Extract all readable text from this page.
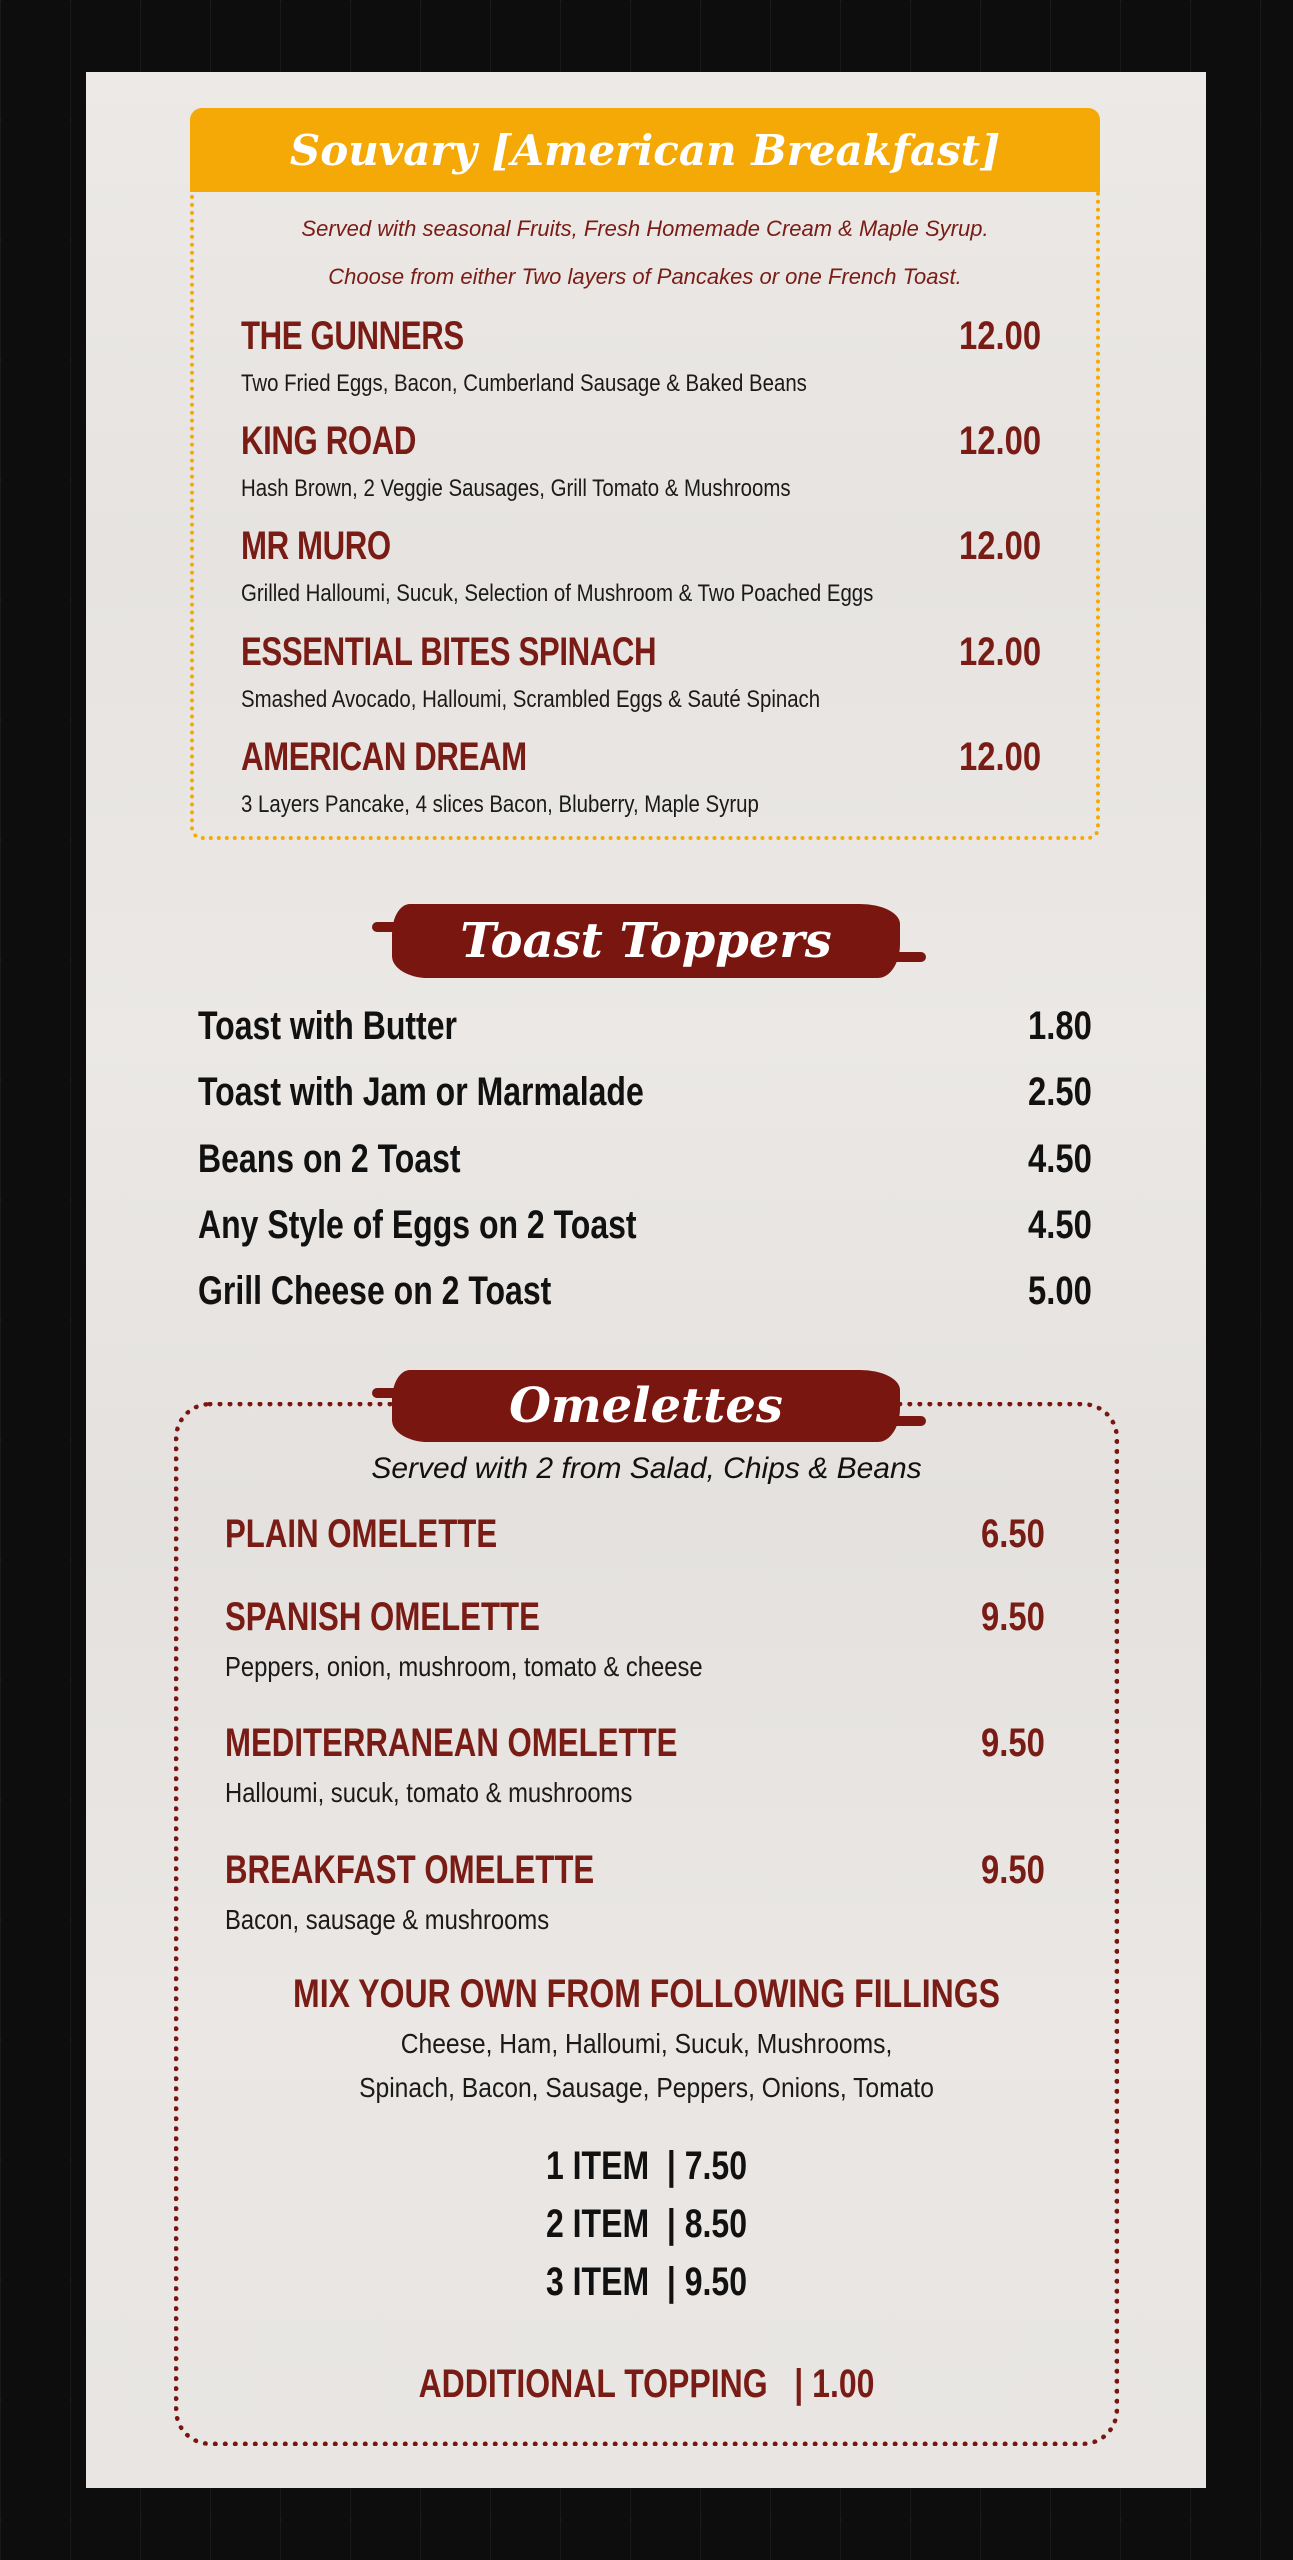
Souvary [American Breakfast]
Served with seasonal Fruits, Fresh Homemade Cream & Maple Syrup.
Choose from either Two layers of Pancakes or one French Toast.
THE GUNNERS	12.00
Two Fried Eggs, Bacon, Cumberland Sausage & Baked Beans
KING ROAD	12.00
Hash Brown, 2 Veggie Sausages, Grill Tomato & Mushrooms
MR MURO	12.00
Grilled Halloumi, Sucuk, Selection of Mushroom & Two Poached Eggs
ESSENTIAL BITES SPINACH	12.00
Smashed Avocado, Halloumi, Scrambled Eggs & Sauté Spinach
AMERICAN DREAM	12.00
3 Layers Pancake, 4 slices Bacon, Bluberry, Maple Syrup
Toast Toppers
Toast with Butter	1.80
Toast with Jam or Marmalade	2.50
Beans on 2 Toast	4.50
Any Style of Eggs on 2 Toast	4.50
Grill Cheese on 2 Toast	5.00
Omelettes
Served with 2 from Salad, Chips & Beans
PLAIN OMELETTE	6.50
SPANISH OMELETTE	9.50
Peppers, onion, mushroom, tomato & cheese
MEDITERRANEAN OMELETTE	9.50
Halloumi, sucuk, tomato & mushrooms
BREAKFAST OMELETTE	9.50
Bacon, sausage & mushrooms
MIX YOUR OWN FROM FOLLOWING FILLINGS
Cheese, Ham, Halloumi, Sucuk, Mushrooms,
Spinach, Bacon, Sausage, Peppers, Onions, Tomato
1 ITEM  | 7.50
2 ITEM  | 8.50
3 ITEM  | 9.50
ADDITIONAL TOPPING   | 1.00
